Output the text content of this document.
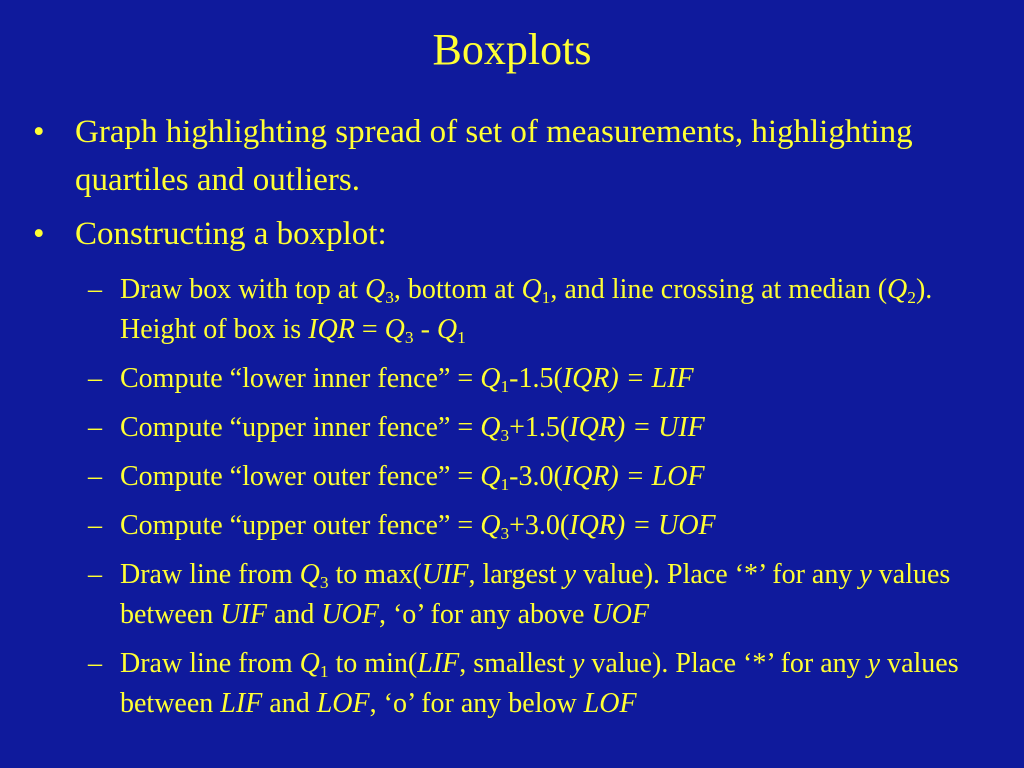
Boxplots
• Graph highlighting spread of set of measurements, highlighting quartiles and outliers.
• Constructing a boxplot:
– Draw box with top at $Q_3$, bottom at $Q_1$, and line crossing at median $(Q_2)$. Height of box is IQR = $Q_3 - Q_1$
– Compute “lower inner fence” = $Q_1-1.5(IQR)$ = LIF
– Compute “upper inner fence” = $Q_3+1.5(IQR)$ = UIF
– Compute “lower outer fence” = $Q_1-3.0(IQR)$ = LOF
– Compute “upper outer fence” = $Q_3+3.0(IQR)$ = UOF
– Draw line from $Q_3$ to max(UIF, largest y value). Place ‘*’ for any y values between UIF and UOF, ‘o’ for any above UOF
– Draw line from $Q_1$ to min(LIF, smallest y value). Place ‘*’ for any y values between LIF and LOF, ‘o’ for any below LOF
